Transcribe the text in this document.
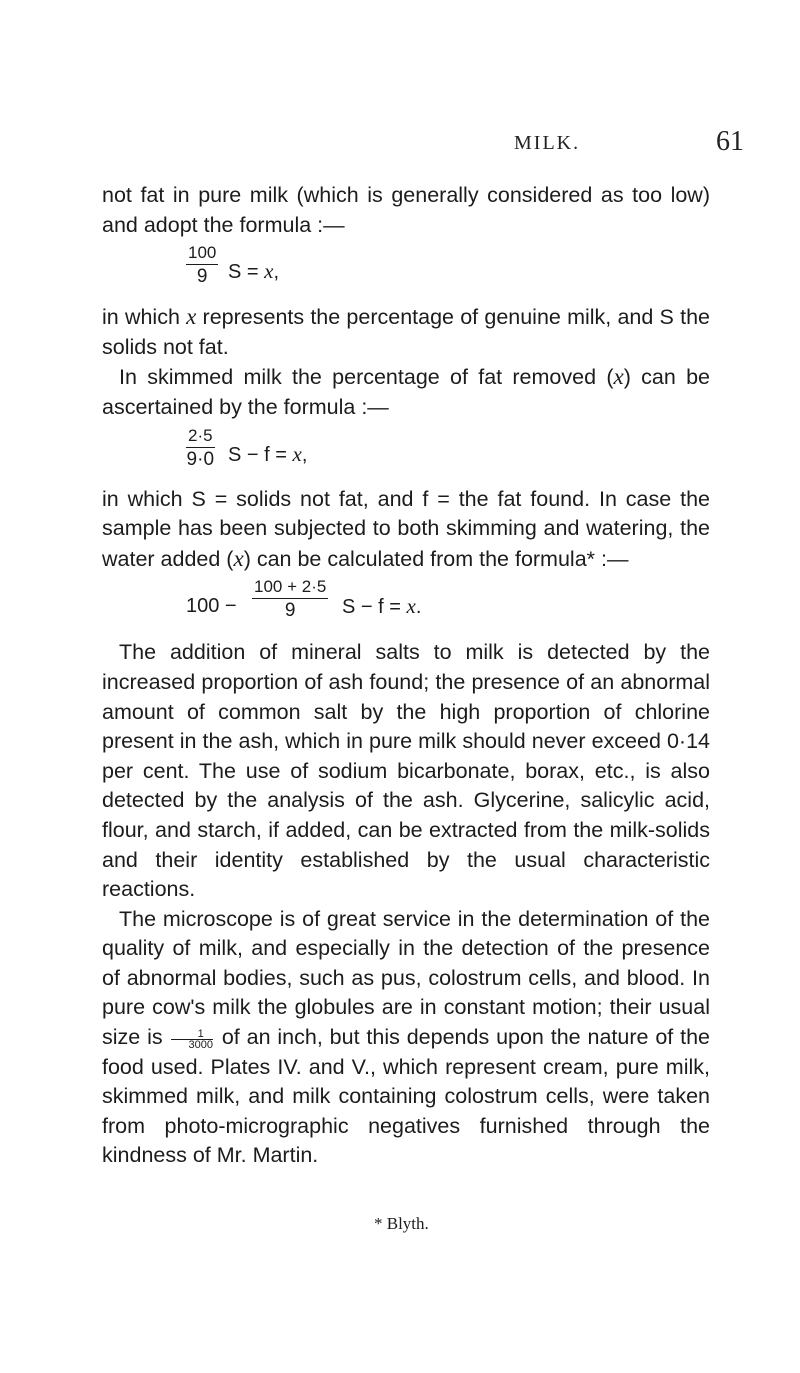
MILK.	61

not fat in pure milk (which is generally considered as too low) and adopt the formula :—

100
9	S = x,

in which x represents the percentage of genuine milk, and S the solids not fat.

In skimmed milk the percentage of fat removed (x) can be ascertained by the formula :—

2·5
9·0 S − f = x,

in which S = solids not fat, and f = the fat found. In case the sample has been subjected to both skimming and watering, the water added (x) can be calculated from the formula* :—

100 −
100 + 2·5
9	S − f = x.

The addition of mineral salts to milk is detected by the increased proportion of ash found; the presence of an abnormal amount of common salt by the high proportion of chlorine present in the ash, which in pure milk should never exceed 0·14 per cent. The use of sodium bicarbonate, borax, etc., is also detected by the analysis of the ash. Glycerine, salicylic acid, flour, and starch, if added, can be extracted from the milk-solids and their identity established by the usual characteristic reactions.

The microscope is of great service in the determination of the quality of milk, and especially in the detection of the presence of abnormal bodies, such as pus, colostrum cells, and blood. In pure cow's milk the globules are in constant motion; their usual size is $\frac{1}{3000}$ of an inch, but this depends upon the nature of the food used. Plates IV. and V., which represent cream, pure milk, skimmed milk, and milk containing colostrum cells, were taken from photo-micrographic negatives furnished through the kindness of Mr. Martin.

* Blyth.
